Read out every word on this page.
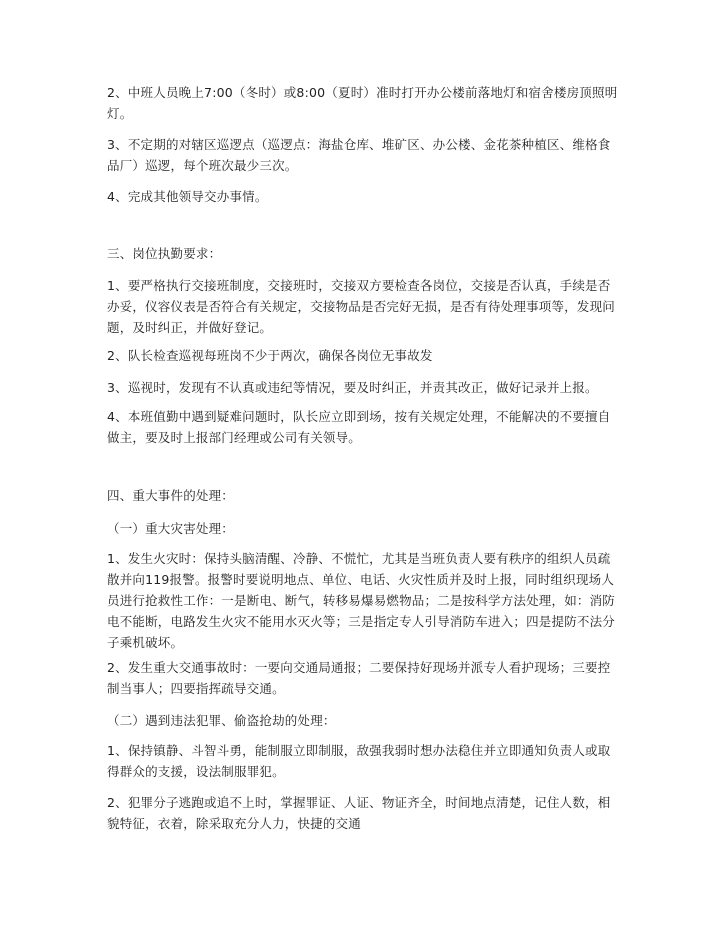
2、中班人员晚上7:00（冬时）或8:00（夏时）准时打开办公楼前落地灯和宿舍楼房顶照明灯。

3、不定期的对辖区巡逻点（巡逻点：海盐仓库、堆矿区、办公楼、金花茶种植区、维格食品厂）巡逻，每个班次最少三次。

4、完成其他领导交办事情。

三、岗位执勤要求：

1、要严格执行交接班制度，交接班时，交接双方要检查各岗位，交接是否认真，手续是否办妥，仪容仪表是否符合有关规定，交接物品是否完好无损，是否有待处理事项等，发现问题，及时纠正，并做好登记。

2、队长检查巡视每班岗不少于两次，确保各岗位无事故发

3、巡视时，发现有不认真或违纪等情况，要及时纠正，并责其改正，做好记录并上报。

4、本班值勤中遇到疑难问题时，队长应立即到场，按有关规定处理，不能解决的不要擅自做主，要及时上报部门经理或公司有关领导。

四、重大事件的处理：

（一）重大灾害处理：

1、发生火灾时：保持头脑清醒、冷静、不慌忙，尤其是当班负责人要有秩序的组织人员疏散并向119报警。报警时要说明地点、单位、电话、火灾性质并及时上报，同时组织现场人员进行抢救性工作：一是断电、断气，转移易爆易燃物品；二是按科学方法处理，如：消防电不能断，电路发生火灾不能用水灭火等；三是指定专人引导消防车进入；四是提防不法分子乘机破坏。

2、发生重大交通事故时：一要向交通局通报；二要保持好现场并派专人看护现场；三要控制当事人；四要指挥疏导交通。

（二）遇到违法犯罪、偷盗抢劫的处理：

1、保持镇静、斗智斗勇，能制服立即制服，敌强我弱时想办法稳住并立即通知负责人或取得群众的支援，设法制服罪犯。

2、犯罪分子逃跑或追不上时，掌握罪证、人证、物证齐全，时间地点清楚，记住人数，相貌特征，衣着，除采取充分人力，快捷的交通
